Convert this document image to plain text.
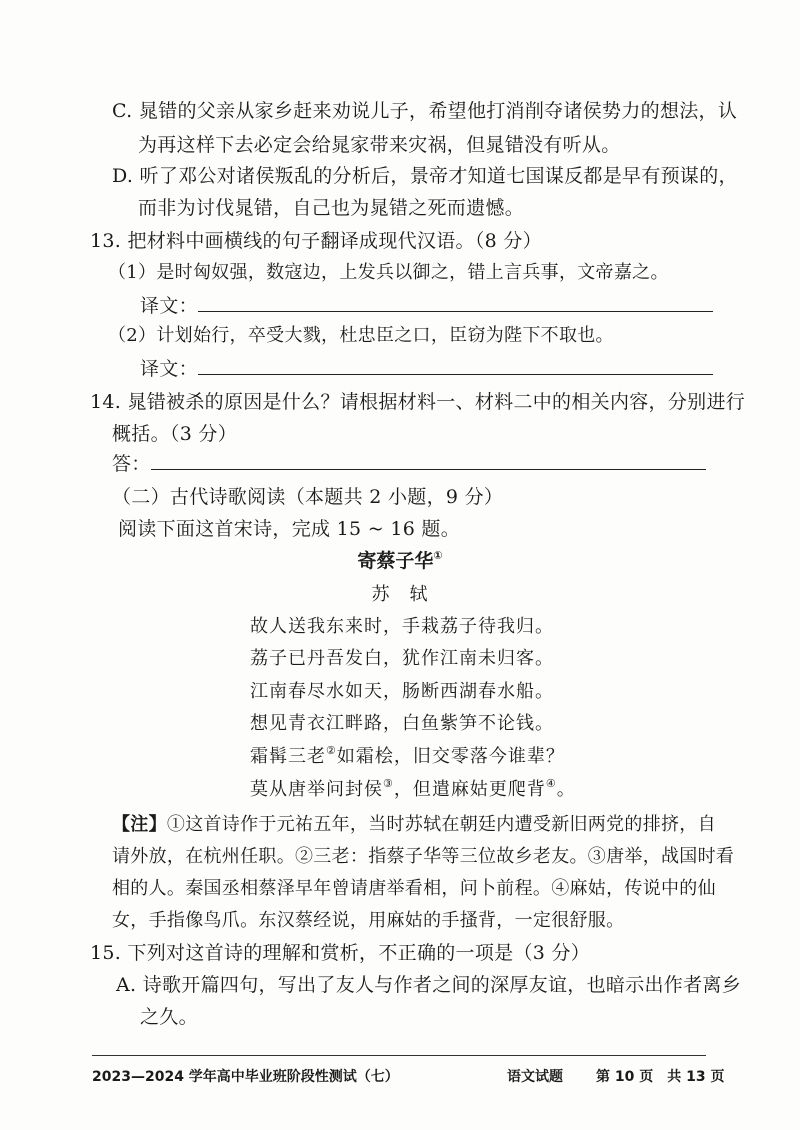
C. 晁错的父亲从家乡赶来劝说儿子，希望他打消削夺诸侯势力的想法，认
为再这样下去必定会给晁家带来灾祸，但晁错没有听从。
D. 听了邓公对诸侯叛乱的分析后，景帝才知道七国谋反都是早有预谋的，
而非为讨伐晁错，自己也为晁错之死而遗憾。
13. 把材料中画横线的句子翻译成现代汉语。（8 分）
（1）是时匈奴强，数寇边，上发兵以御之，错上言兵事，文帝嘉之。
译文：
（2）计划始行，卒受大戮，杜忠臣之口，臣窃为陛下不取也。
译文：
14. 晁错被杀的原因是什么？请根据材料一、材料二中的相关内容，分别进行
概括。（3 分）
答：
（二）古代诗歌阅读（本题共 2 小题，9 分）
阅读下面这首宋诗，完成 15 ~ 16 题。
寄蔡子华①
苏　轼
故人送我东来时，手栽荔子待我归。
荔子已丹吾发白，犹作江南未归客。
江南春尽水如天，肠断西湖春水船。
想见青衣江畔路，白鱼紫笋不论钱。
霜髯三老②如霜桧，旧交零落今谁辈？
莫从唐举问封侯③，但遣麻姑更爬背④。
【注】①这首诗作于元祐五年，当时苏轼在朝廷内遭受新旧两党的排挤，自
请外放，在杭州任职。②三老：指蔡子华等三位故乡老友。③唐举，战国时看
相的人。秦国丞相蔡泽早年曾请唐举看相，问卜前程。④麻姑，传说中的仙
女，手指像鸟爪。东汉蔡经说，用麻姑的手搔背，一定很舒服。
15. 下列对这首诗的理解和赏析，不正确的一项是（3 分）
A. 诗歌开篇四句，写出了友人与作者之间的深厚友谊，也暗示出作者离乡
之久。
2023—2024 学年高中毕业班阶段性测试（七）	语文试题 第 10 页　共 13 页
